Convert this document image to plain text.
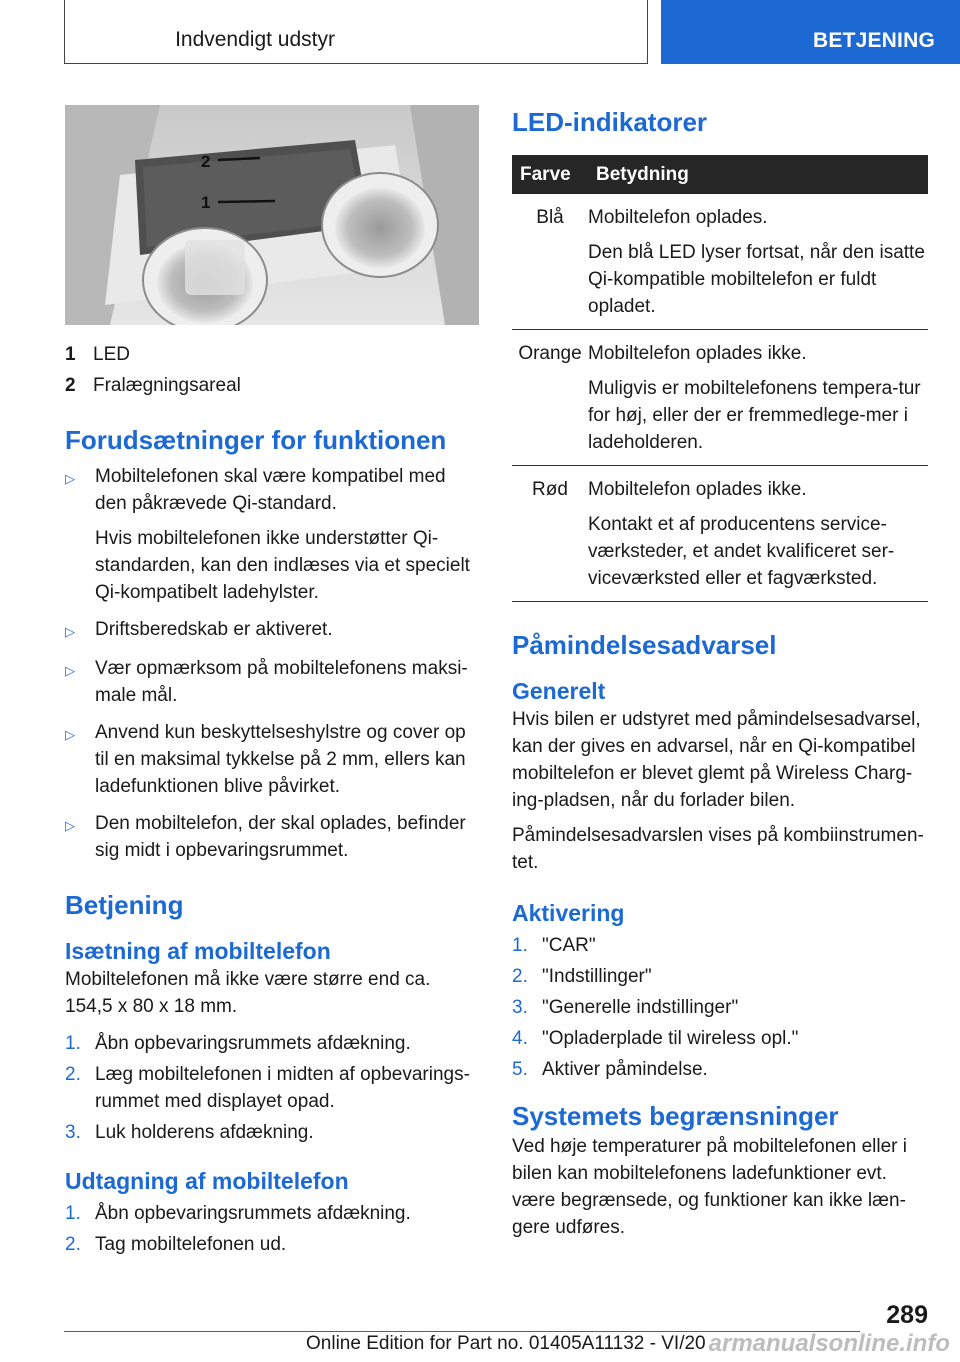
Indvendigt udstyr	BETJENING
2
1
1 LED
2 Fralægningsareal
Forudsætninger for funktionen
▷	Mobiltelefonen skal være kompatibel med den påkrævede Qi-standard.

Hvis mobiltelefonen ikke understøtter Qi-standarden, kan den indlæses via et specielt Qi-kompatibelt ladehylster.

▷	Driftsberedskab er aktiveret.

▷	Vær opmærksom på mobiltelefonens maksi-male mål.

▷	Anvend kun beskyttelseshylstre og cover op til en maksimal tykkelse på 2 mm, ellers kan ladefunktionen blive påvirket.

▷	Den mobiltelefon, der skal oplades, befinder sig midt i opbevaringsrummet.

Betjening
Isætning af mobiltelefon

Mobiltelefonen må ikke være større end ca. 154,5 x 80 x 18 mm.

1. Åbn opbevaringsrummets afdækning.
2. Læg mobiltelefonen i midten af opbevarings-rummet med displayet opad.
3. Luk holderens afdækning.
Udtagning af mobiltelefon
1. Åbn opbevaringsrummets afdækning.
2. Tag mobiltelefonen ud.
LED-indikatorer
Farve	Betydning
Blå	Mobiltelefon oplades.

Den blå LED lyser fortsat, når den isatte Qi-kompatible mobiltelefon er fuldt opladet.

Orange	Mobiltelefon oplades ikke.

Muligvis er mobiltelefonens tempera-tur for høj, eller der er fremmedlege-mer i ladeholderen.

Rød	Mobiltelefon oplades ikke.

Kontakt et af producentens service-værksteder, et andet kvalificeret ser-viceværksted eller et fagværksted.

Påmindelsesadvarsel
Generelt

Hvis bilen er udstyret med påmindelsesadvarsel, kan der gives en advarsel, når en Qi-kompatibel mobiltelefon er blevet glemt på Wireless Charg-ing-pladsen, når du forlader bilen.

Påmindelsesadvarslen vises på kombiinstrumen-tet.

Aktivering
1. "CAR"
2. "Indstillinger"
3. "Generelle indstillinger"
4. "Opladerplade til wireless opl."
5. Aktiver påmindelse.
Systemets begrænsninger

Ved høje temperaturer på mobiltelefonen eller i bilen kan mobiltelefonens ladefunktioner evt. være begrænsede, og funktioner kan ikke læn-gere udføres.

289
Online Edition for Part no. 01405A11132 - VI/20 armanualsonline.info
